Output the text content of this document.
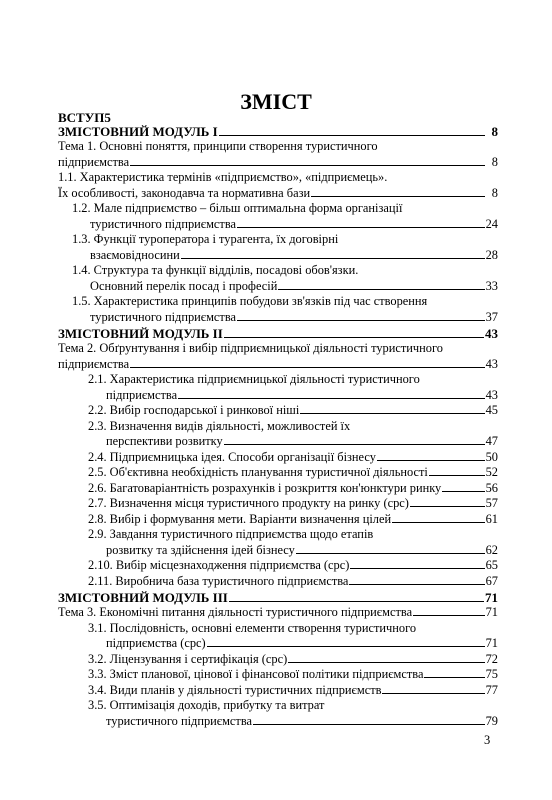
ЗМІСТ
ВСТУП5
ЗМІСТОВНИЙ МОДУЛЬ І	8
Тема 1. Основні поняття, принципи створення туристичного
підприємства	8
1.1. Характеристика термінів «підприємство», «підприємець».
Їх особливості, законодавча та нормативна бази	8
1.2. Мале підприємство – більш оптимальна форма організації
туристичного підприємства	24
1.3. Функції туроператора і турагента, їх договірні
взаємовідносини	28
1.4. Структура та функції відділів, посадові обов'язки.
Основний перелік посад і професій	33
1.5. Характеристика принципів побудови зв'язків під час створення
туристичного підприємства	37
ЗМІСТОВНИЙ МОДУЛЬ ІІ	43
Тема 2. Обґрунтування і вибір підприємницької діяльності туристичного
підприємства	43
2.1. Характеристика підприємницької діяльності туристичного
підприємства	43
2.2. Вибір господарської і ринкової ніші	45
2.3. Визначення видів діяльності, можливостей їх
перспективи розвитку	47
2.4. Підприємницька ідея. Способи організації бізнесу	50
2.5. Об'єктивна необхідність планування туристичної діяльності	52
2.6. Багатоваріантність розрахунків і розкриття кон'юнктури ринку	56
2.7. Визначення місця туристичного продукту на ринку (срс)	57
2.8. Вибір і формування мети. Варіанти визначення цілей	61
2.9. Завдання туристичного підприємства щодо етапів
розвитку та здійснення ідей бізнесу	62
2.10. Вибір місцезнаходження підприємства (срс)	65
2.11. Виробнича база туристичного підприємства	67
ЗМІСТОВНИЙ МОДУЛЬ ІІІ	71
Тема 3. Економічні питання діяльності туристичного підприємства	71
3.1. Послідовність, основні елементи створення туристичного
підприємства (срс)	71
3.2. Ліцензування і сертифікація (срс)	72
3.3. Зміст планової, цінової і фінансової політики підприємства	75
3.4. Види планів у діяльності туристичних підприємств	77
3.5. Оптимізація доходів, прибутку та витрат
туристичного підприємства	79
3
